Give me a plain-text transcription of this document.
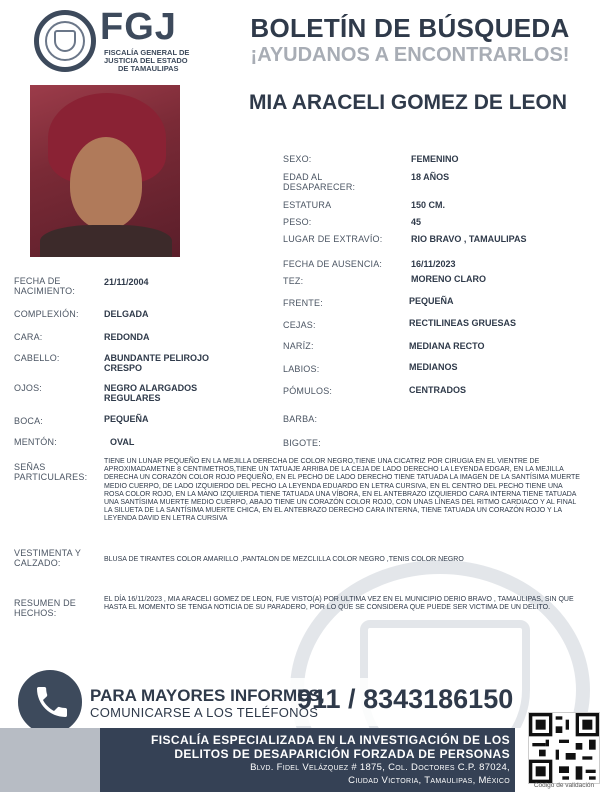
FGJ
FISCALÍA GENERAL DE
JUSTICIA DEL ESTADO
DE TAMAULIPAS
BOLETÍN DE BÚSQUEDA
¡AYUDANOS A ENCONTRARLOS!
MIA ARACELI GOMEZ DE LEON
SEXO:	FEMENINO
EDAD AL DESAPARECER:
18 AÑOS
ESTATURA	150 CM.
PESO:	45
LUGAR DE EXTRAVÍO:	RIO BRAVO , TAMAULIPAS
FECHA DE AUSENCIA:	16/11/2023
TEZ:	MORENO CLARO
FRENTE:	PEQUEÑA
CEJAS:	RECTILINEAS GRUESAS
NARÍZ:	MEDIANA RECTO
LABIOS:	MEDIANOS
PÓMULOS:	CENTRADOS
BARBA:
BIGOTE:
FECHA DE NACIMIENTO:
21/11/2004
COMPLEXIÓN:	DELGADA
CARA:	REDONDA
CABELLO:	ABUNDANTE PELIROJO CRESPO
OJOS:	NEGRO ALARGADOS REGULARES
BOCA:	PEQUEÑA
MENTÓN:	OVAL
SEÑAS PARTICULARES:
TIENE UN LUNAR PEQUEÑO EN LA MEJILLA DERECHA DE COLOR NEGRO,TIENE UNA CICATRIZ POR CIRUGIA EN EL VIENTRE DE APROXIMADAMETNE 8 CENTIMETROS,TIENE UN TATUAJE ARRIBA DE LA CEJA DE LADO DERECHO LA LEYENDA EDGAR, EN LA MEJILLA DERECHA UN CORAZÓN COLOR ROJO PEQUEÑO, EN EL PECHO DE LADO DERECHO TIENE TATUADA LA IMAGEN DE LA SANTÍSIMA MUERTE MEDIO CUERPO, DE LADO IZQUIERDO DEL PECHO LA LEYENDA EDUARDO EN LETRA CURSIVA, EN EL CENTRO DEL PECHO TIENE UNA ROSA COLOR ROJO, EN LA MANO IZQUIERDA TIENE TATUADA UNA VÍBORA, EN EL ANTEBRAZO IZQUIERDO CARA INTERNA TIENE TATUADA UNA SANTÍSIMA MUERTE MEDIO CUERPO, ABAJO TIENE UN CORAZÓN COLOR ROJO, CON UNAS LÍNEAS DEL RITMO CARDIACO Y AL FINAL LA SILUETA DE LA SANTÍSIMA MUERTE CHICA, EN EL ANTEBRAZO DERECHO CARA INTERNA, TIENE TATUADA UN CORAZÓN ROJO Y LA LEYENDA DAVID EN LETRA CURSIVA
VESTIMENTA Y CALZADO:	BLUSA DE TIRANTES COLOR AMARILLO ,PANTALON DE MEZCLILLA COLOR NEGRO ,TENIS COLOR NEGRO
RESUMEN DE HECHOS:
EL DÍA 16/11/2023 , MIA ARACELI GOMEZ DE LEON, FUE VISTO(A) POR ULTIMA VEZ EN EL MUNICIPIO DERIO BRAVO , TAMAULIPAS, SIN QUE HASTA EL MOMENTO SE TENGA NOTICIA DE SU PARADERO, POR LO QUE SE CONSIDERA QUE PUEDE SER VICTIMA DE UN DELITO.
PARA MAYORES INFORMES,
COMUNICARSE A LOS TELÉFONOS
911 / 8343186150
FISCALÍA ESPECIALIZADA EN LA INVESTIGACIÓN DE LOS
DELITOS DE DESAPARICIÓN FORZADA DE PERSONAS
Blvd. Fidel Velázquez # 1875, Col. Doctores C.P. 87024,
Ciudad Victoria, Tamaulipas, México	Código de validación
